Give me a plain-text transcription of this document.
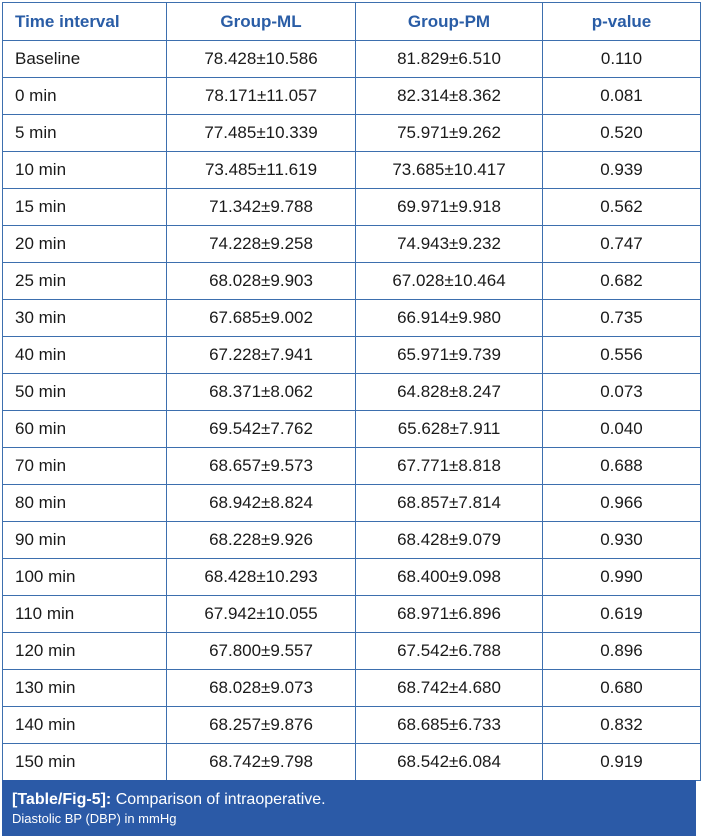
Time interval	Group-ML	Group-PM	p-value
Baseline	78.428±10.586	81.829±6.510	0.110
0 min	78.171±11.057	82.314±8.362	0.081
5 min	77.485±10.339	75.971±9.262	0.520
10 min	73.485±11.619	73.685±10.417	0.939
15 min	71.342±9.788	69.971±9.918	0.562
20 min	74.228±9.258	74.943±9.232	0.747
25 min	68.028±9.903	67.028±10.464	0.682
30 min	67.685±9.002	66.914±9.980	0.735
40 min	67.228±7.941	65.971±9.739	0.556
50 min	68.371±8.062	64.828±8.247	0.073
60 min	69.542±7.762	65.628±7.911	0.040
70 min	68.657±9.573	67.771±8.818	0.688
80 min	68.942±8.824	68.857±7.814	0.966
90 min	68.228±9.926	68.428±9.079	0.930
100 min	68.428±10.293	68.400±9.098	0.990
110 min	67.942±10.055	68.971±6.896	0.619
120 min	67.800±9.557	67.542±6.788	0.896
130 min	68.028±9.073	68.742±4.680	0.680
140 min	68.257±9.876	68.685±6.733	0.832
150 min	68.742±9.798	68.542±6.084	0.919
[Table/Fig-5]: Comparison of intraoperative.
Diastolic BP (DBP) in mmHg
